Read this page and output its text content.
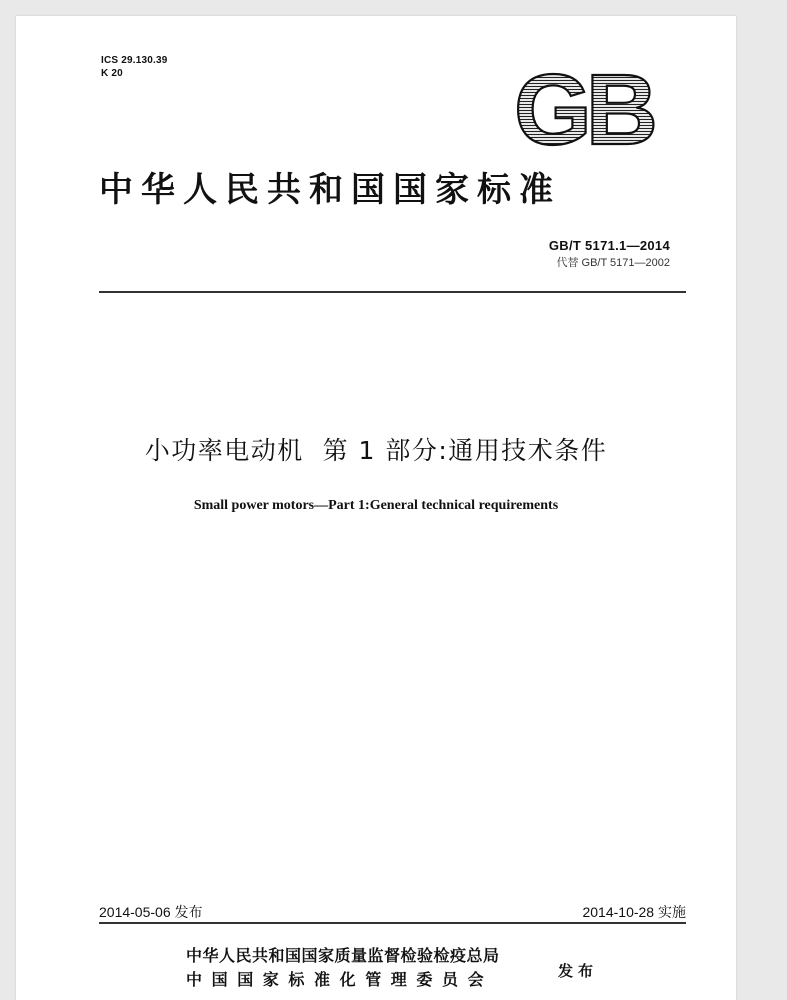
ICS 29.130.39
K 20	GB
中华人民共和国国家标准
GB/T 5171.1—2014
代替 GB/T 5171—2002
小功率电动机  第 1 部分:通用技术条件
Small power motors—Part 1:General technical requirements
2014-05-06 发布	2014-10-28 实施
中华人民共和国国家质量监督检验检疫总局
中国国家标准化管理委员会	发布
